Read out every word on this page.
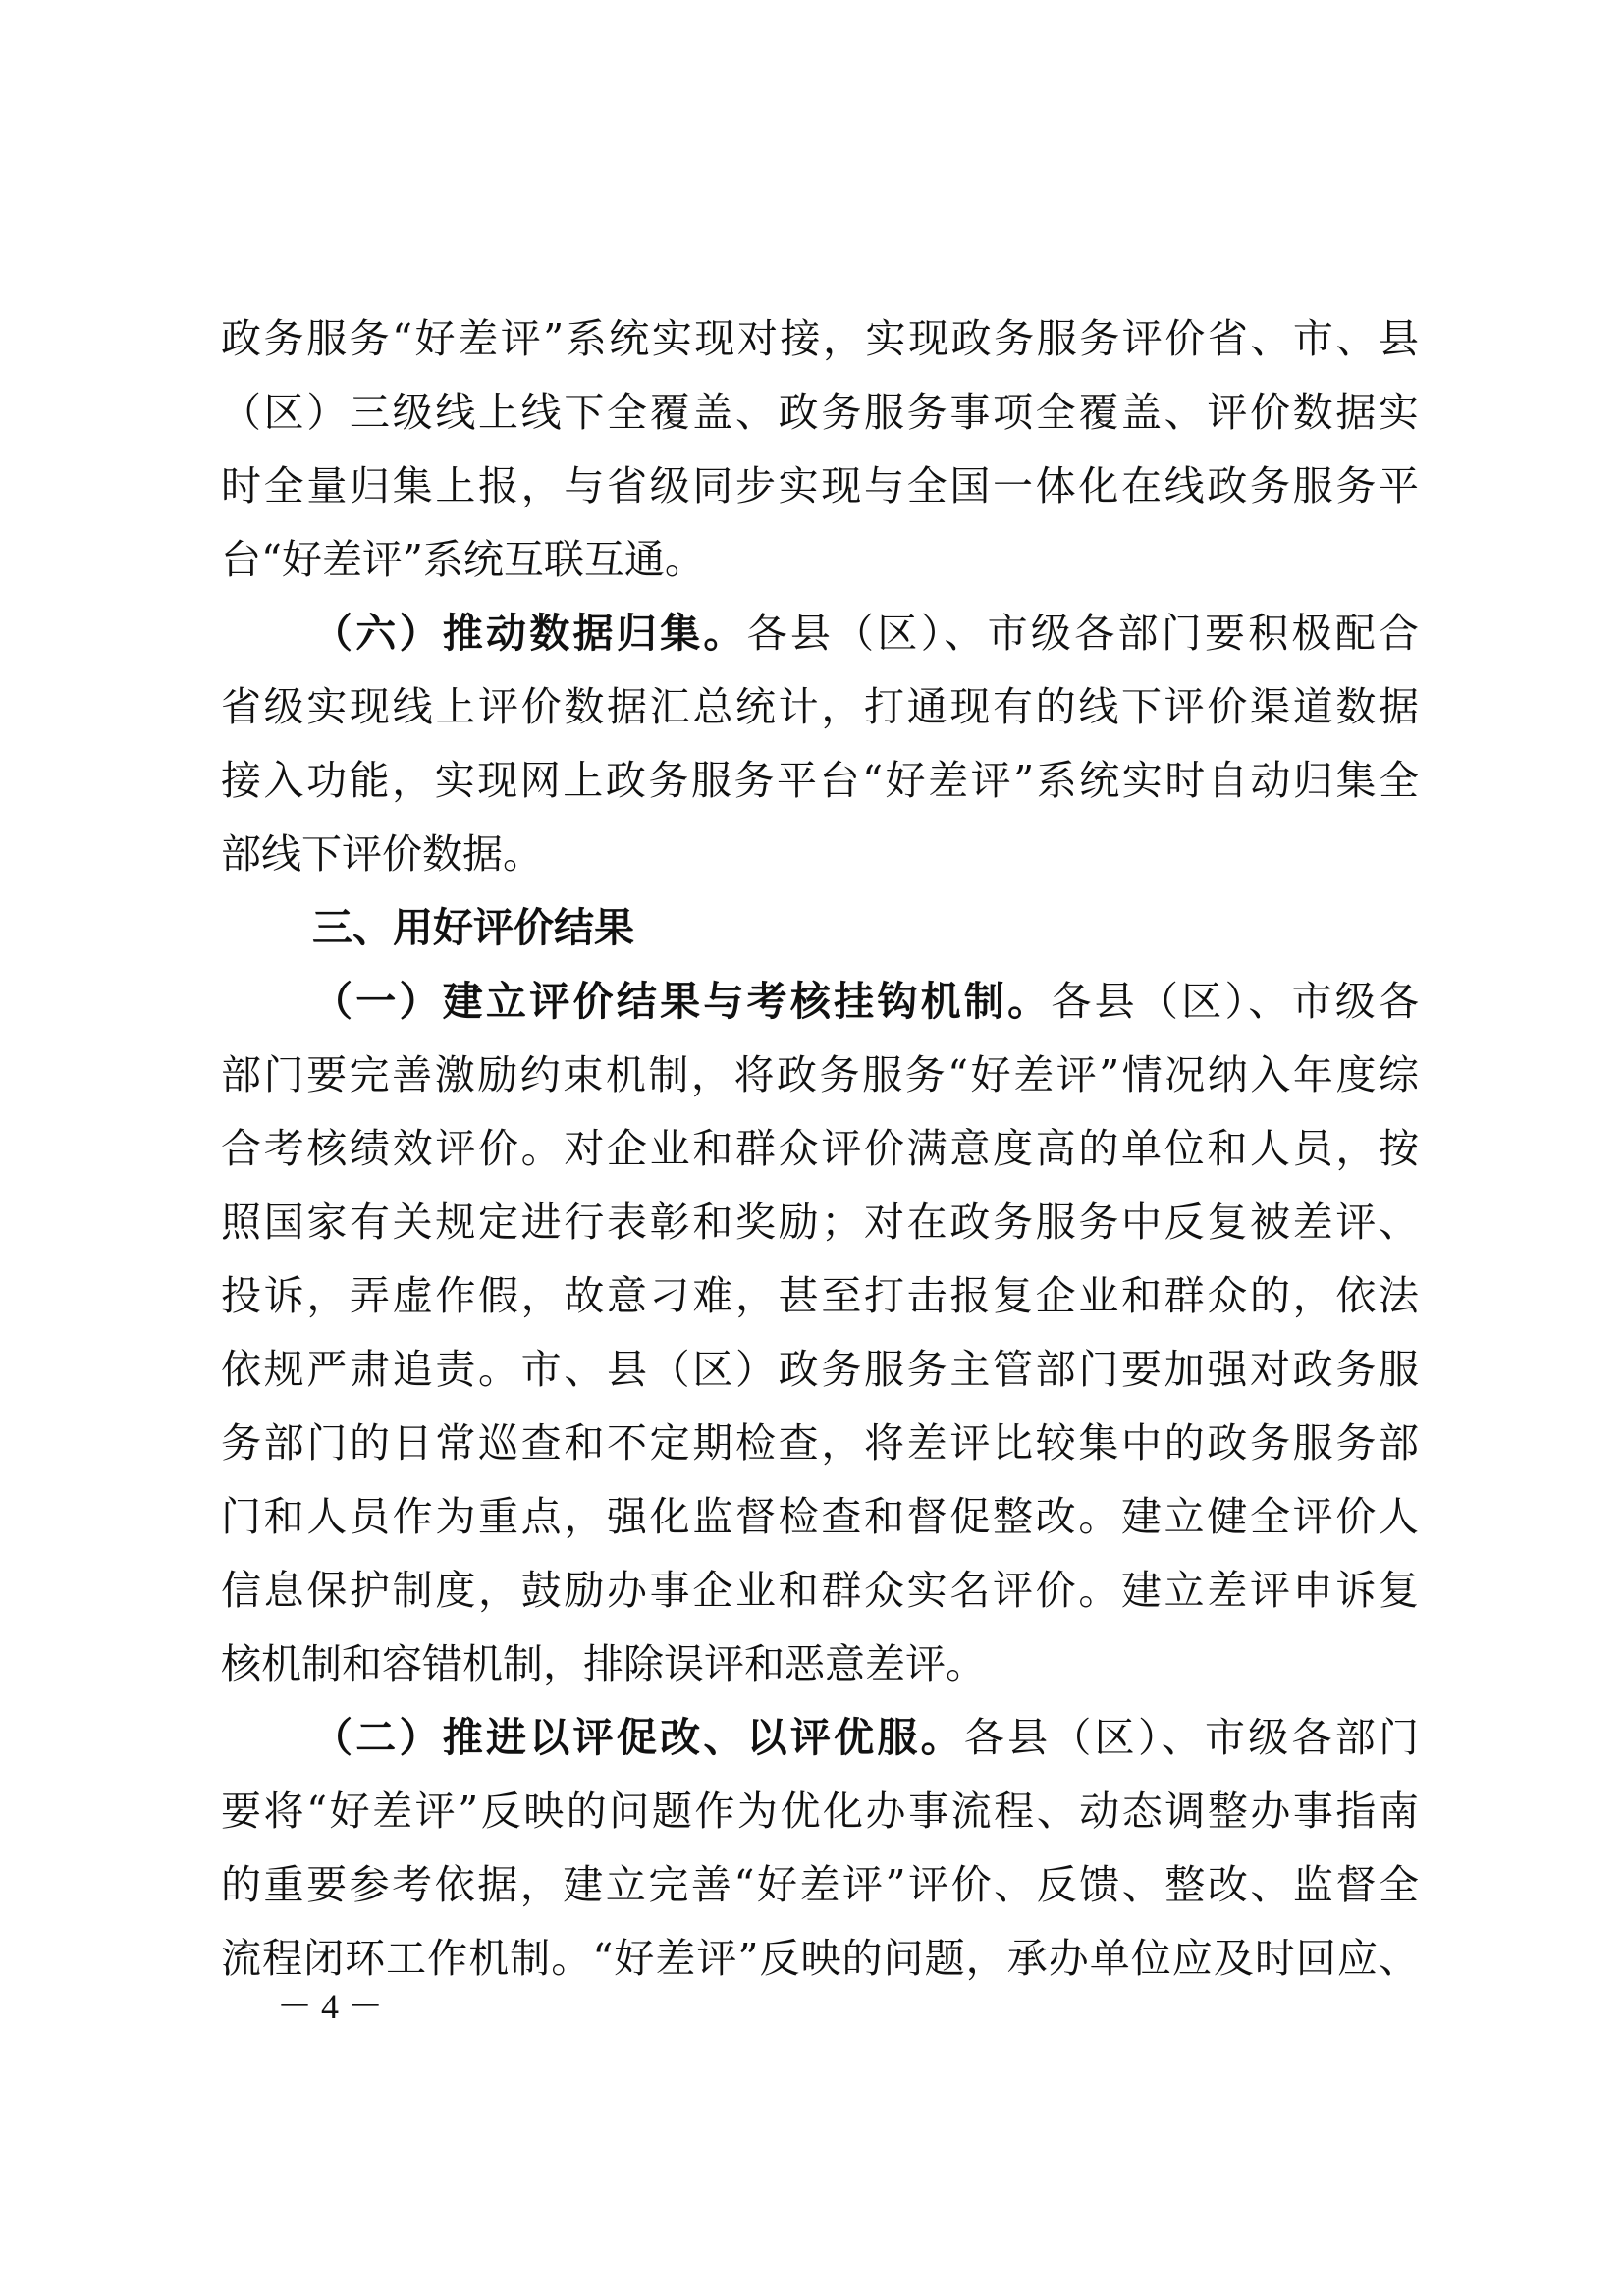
政务服务“好差评”系统实现对接，实现政务服务评价省、市、县
（区）三级线上线下全覆盖、政务服务事项全覆盖、评价数据实
时全量归集上报，与省级同步实现与全国一体化在线政务服务平
台“好差评”系统互联互通。
（六）推动数据归集。各县（区）、市级各部门要积极配合
省级实现线上评价数据汇总统计，打通现有的线下评价渠道数据
接入功能，实现网上政务服务平台“好差评”系统实时自动归集全
部线下评价数据。
三、用好评价结果
（一）建立评价结果与考核挂钩机制。各县（区）、市级各
部门要完善激励约束机制，将政务服务“好差评”情况纳入年度综
合考核绩效评价。对企业和群众评价满意度高的单位和人员，按
照国家有关规定进行表彰和奖励；对在政务服务中反复被差评、
投诉，弄虚作假，故意刁难，甚至打击报复企业和群众的，依法
依规严肃追责。市、县（区）政务服务主管部门要加强对政务服
务部门的日常巡查和不定期检查，将差评比较集中的政务服务部
门和人员作为重点，强化监督检查和督促整改。建立健全评价人
信息保护制度，鼓励办事企业和群众实名评价。建立差评申诉复
核机制和容错机制，排除误评和恶意差评。
（二）推进以评促改、以评优服。各县（区）、市级各部门
要将“好差评”反映的问题作为优化办事流程、动态调整办事指南
的重要参考依据，建立完善“好差评”评价、反馈、整改、监督全
流程闭环工作机制。“好差评”反映的问题，承办单位应及时回应、
－ 4 －
